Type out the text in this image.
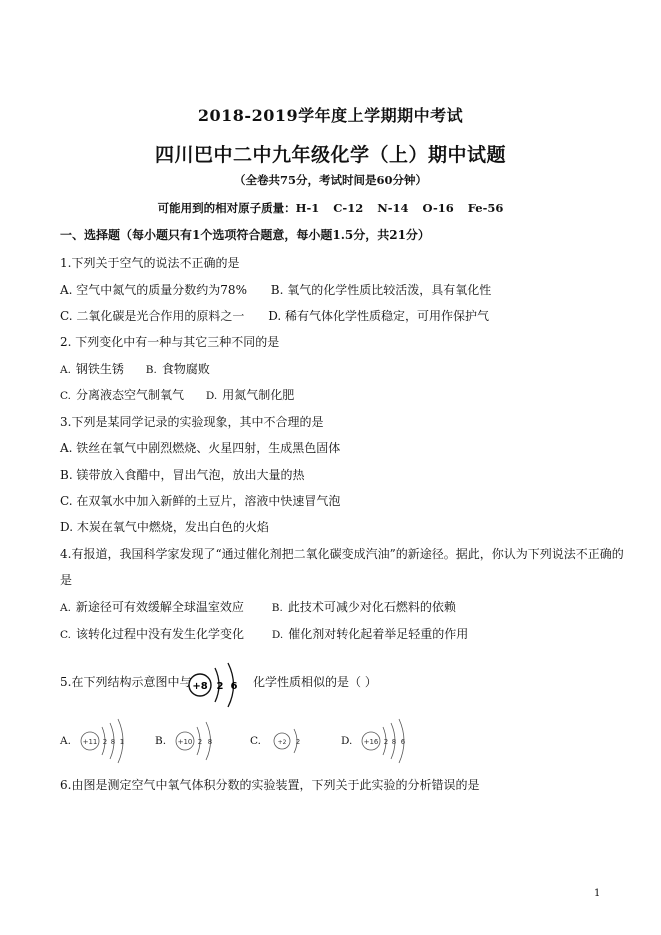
2018-2019学年度上学期期中考试
四川巴中二中九年级化学（上）期中试题
（全卷共75分，考试时间是60分钟）
可能用到的相对原子质量：H-1 C-12 N-14 O-16 Fe-56
一、选择题（每小题只有1个选项符合题意，每小题1.5分，共21分）
1.下列关于空气的说法不正确的是
A. 空气中氮气的质量分数约为78% B. 氧气的化学性质比较活泼，具有氧化性
C. 二氧化碳是光合作用的原料之一 D. 稀有气体化学性质稳定，可用作保护气
2. 下列变化中有一种与其它三种不同的是
A. 钢铁生锈 B. 食物腐败
C. 分离液态空气制氧气 D. 用氮气制化肥
3.下列是某同学记录的实验现象，其中不合理的是
A. 铁丝在氧气中剧烈燃烧、火星四射，生成黑色固体
B. 镁带放入食醋中，冒出气泡，放出大量的热
C. 在双氧水中加入新鲜的土豆片，溶液中快速冒气泡
D. 木炭在氧气中燃烧，发出白色的火焰
4.有报道，我国科学家发现了“通过催化剂把二氧化碳变成汽油”的新途径。据此，你认为下列说法不正确的
是
A. 新途径可有效缓解全球温室效应	B. 此技术可减少对化石燃料的依赖
C. 该转化过程中没有发生化学变化	D. 催化剂对转化起着举足轻重的作用
5.在下列结构示意图中与 +8 2 6 化学性质相似的是（ ）
A. +11 2 8 1	B. +10 2 8	C.	+2 2	D. +16 2 8 6
6.由图是测定空气中氧气体积分数的实验装置，下列关于此实验的分析错误的是
1
